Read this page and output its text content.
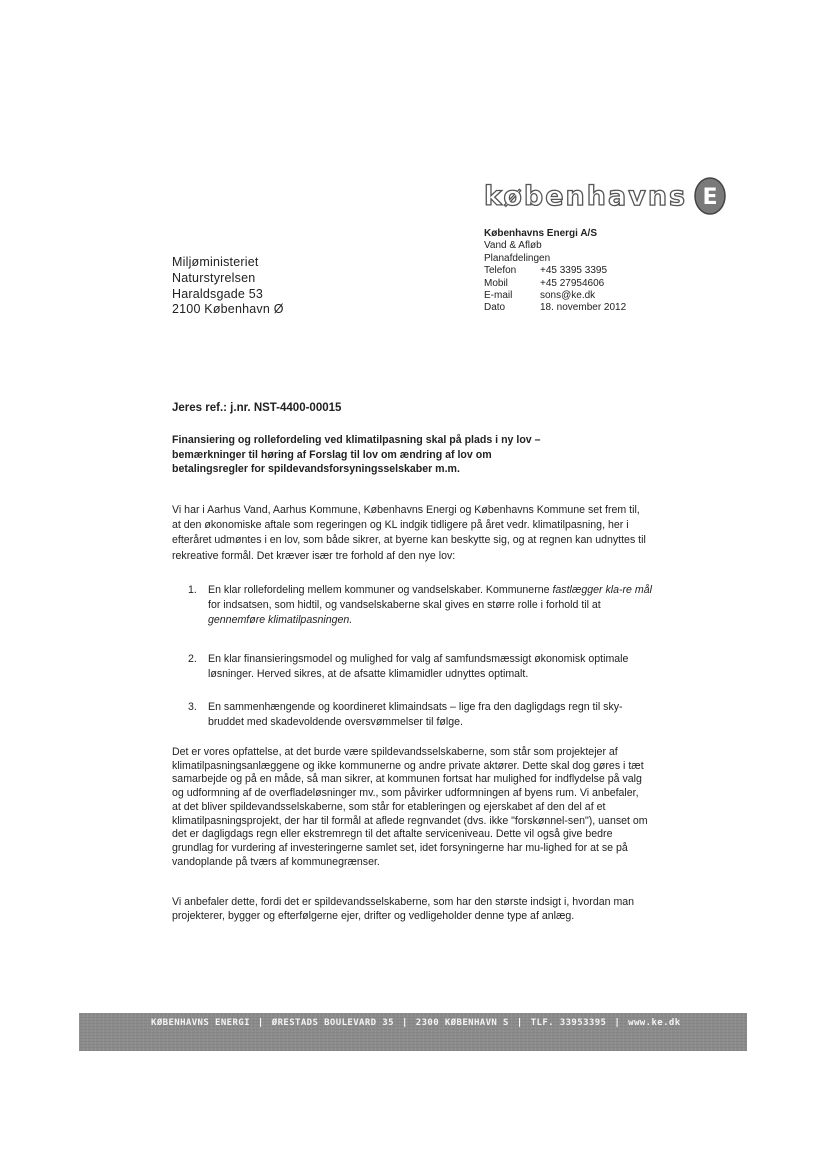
københavns E
Københavns Energi A/S
Vand & Afløb
Planafdelingen
Telefon	+45 3395 3395
Mobil	+45 27954606
E-mail	sons@ke.dk
Dato	18. november 2012
Miljøministeriet
Naturstyrelsen
Haraldsgade 53
2100 København Ø
Jeres ref.: j.nr. NST-4400-00015
Finansiering og rollefordeling ved klimatilpasning skal på plads i ny lov – bemærkninger til høring af Forslag til lov om ændring af lov om betalingsregler for spildevandsforsyningsselskaber m.m.
Vi har i Aarhus Vand, Aarhus Kommune, Københavns Energi og Københavns Kommune set frem til, at den økonomiske aftale som regeringen og KL indgik tidligere på året vedr. klimatilpasning, her i efteråret udmøntes i en lov, som både sikrer, at byerne kan beskytte sig, og at regnen kan udnyttes til rekreative formål. Det kræver især tre forhold af den nye lov:
1.	En klar rollefordeling mellem kommuner og vandselskaber. Kommunerne fastlægger kla-re mål for indsatsen, som hidtil, og vandselskaberne skal gives en større rolle i forhold til at gennemføre klimatilpasningen.
2.	En klar finansieringsmodel og mulighed for valg af samfundsmæssigt økonomisk optimale løsninger. Herved sikres, at de afsatte klimamidler udnyttes optimalt.
3.	En sammenhængende og koordineret klimaindsats – lige fra den dagligdags regn til sky-bruddet med skadevoldende oversvømmelser til følge.
Det er vores opfattelse, at det burde være spildevandsselskaberne, som står som projektejer af klimatilpasningsanlæggene og ikke kommunerne og andre private aktører. Dette skal dog gøres i tæt samarbejde og på en måde, så man sikrer, at kommunen fortsat har mulighed for indflydelse på valg og udformning af de overfladeløsninger mv., som påvirker udformningen af byens rum. Vi anbefaler, at det bliver spildevandsselskaberne, som står for etableringen og ejerskabet af den del af et klimatilpasningsprojekt, der har til formål at aflede regnvandet (dvs. ikke "forskønnel-sen"), uanset om det er dagligdags regn eller ekstremregn til det aftalte serviceniveau. Dette vil også give bedre grundlag for vurdering af investeringerne samlet set, idet forsyningerne har mu-lighed for at se på vandoplande på tværs af kommunegrænser.
Vi anbefaler dette, fordi det er spildevandsselskaberne, som har den største indsigt i, hvordan man projekterer, bygger og efterfølgerne ejer, drifter og vedligeholder denne type af anlæg.
KØBENHAVNS ENERGI | ØRESTADS BOULEVARD 35 | 2300 KØBENHAVN S | TLF. 33953395 | www.ke.dk
